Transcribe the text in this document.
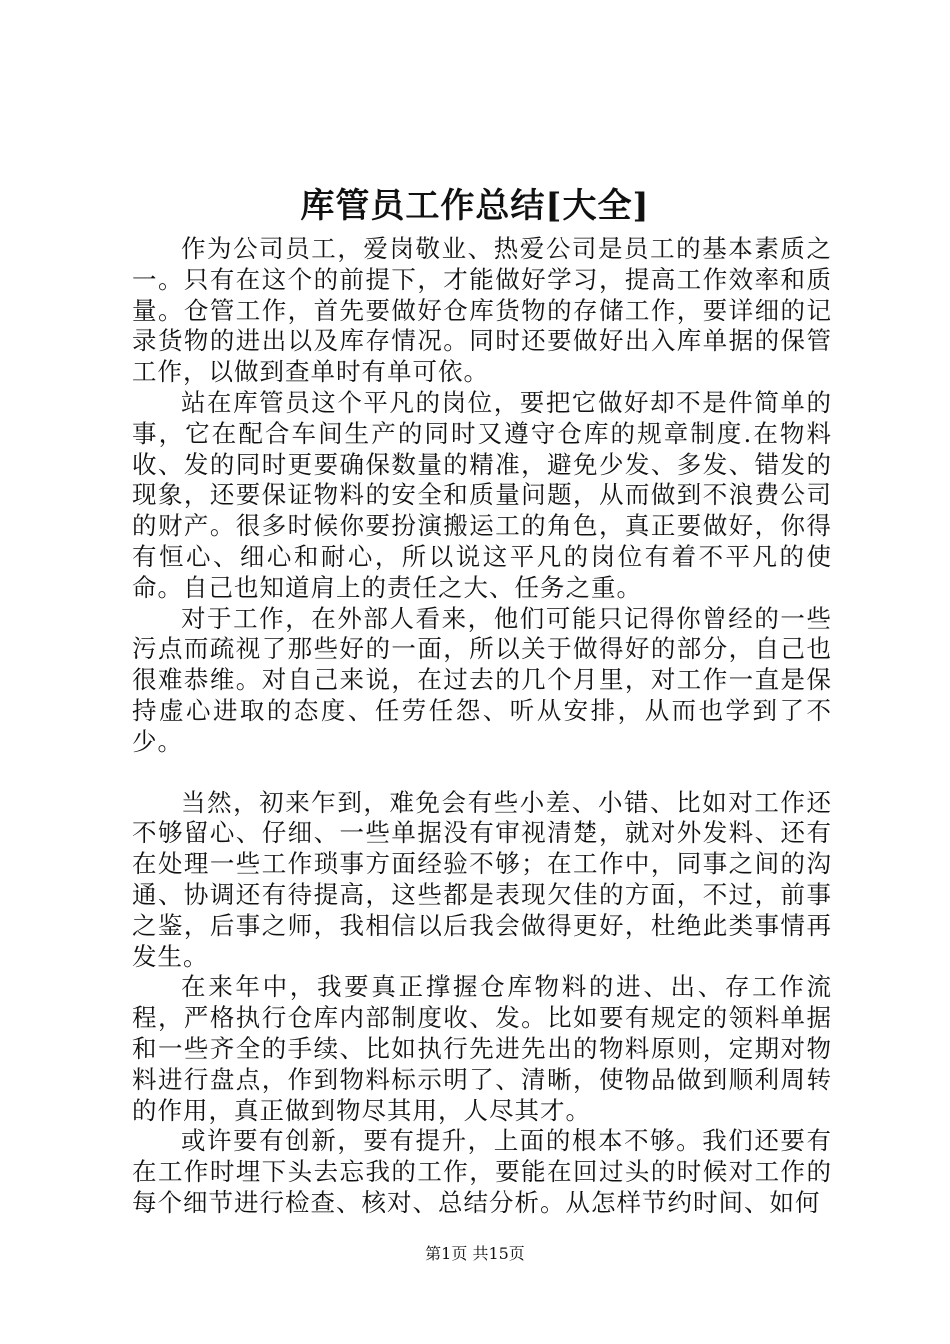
库管员工作总结[大全]

作为公司员工，爱岗敬业、热爱公司是员工的基本素质之一。只有在这个的前提下，才能做好学习，提高工作效率和质量。仓管工作，首先要做好仓库货物的存储工作，要详细的记录货物的进出以及库存情况。同时还要做好出入库单据的保管工作，以做到查单时有单可依。

站在库管员这个平凡的岗位，要把它做好却不是件简单的事，它在配合车间生产的同时又遵守仓库的规章制度.在物料收、发的同时更要确保数量的精准，避免少发、多发、错发的现象，还要保证物料的安全和质量问题，从而做到不浪费公司的财产。很多时候你要扮演搬运工的角色，真正要做好，你得有恒心、细心和耐心，所以说这平凡的岗位有着不平凡的使命。自己也知道肩上的责任之大、任务之重。

对于工作，在外部人看来，他们可能只记得你曾经的一些污点而疏视了那些好的一面，所以关于做得好的部分，自己也很难恭维。对自己来说，在过去的几个月里，对工作一直是保持虚心进取的态度、任劳任怨、听从安排，从而也学到了不少。

当然，初来乍到，难免会有些小差、小错、比如对工作还不够留心、仔细、一些单据没有审视清楚，就对外发料、还有在处理一些工作琐事方面经验不够；在工作中，同事之间的沟通、协调还有待提高，这些都是表现欠佳的方面，不过，前事之鉴，后事之师，我相信以后我会做得更好，杜绝此类事情再发生。

在来年中，我要真正撑握仓库物料的进、出、存工作流程，严格执行仓库内部制度收、发。比如要有规定的领料单据和一些齐全的手续、比如执行先进先出的物料原则，定期对物料进行盘点，作到物料标示明了、清晰，使物品做到顺利周转的作用，真正做到物尽其用，人尽其才。

或许要有创新，要有提升，上面的根本不够。我们还要有在工作时埋下头去忘我的工作，要能在回过头的时候对工作的每个细节进行检查、核对、总结分析。从怎样节约时间、如何

第1页 共15页
